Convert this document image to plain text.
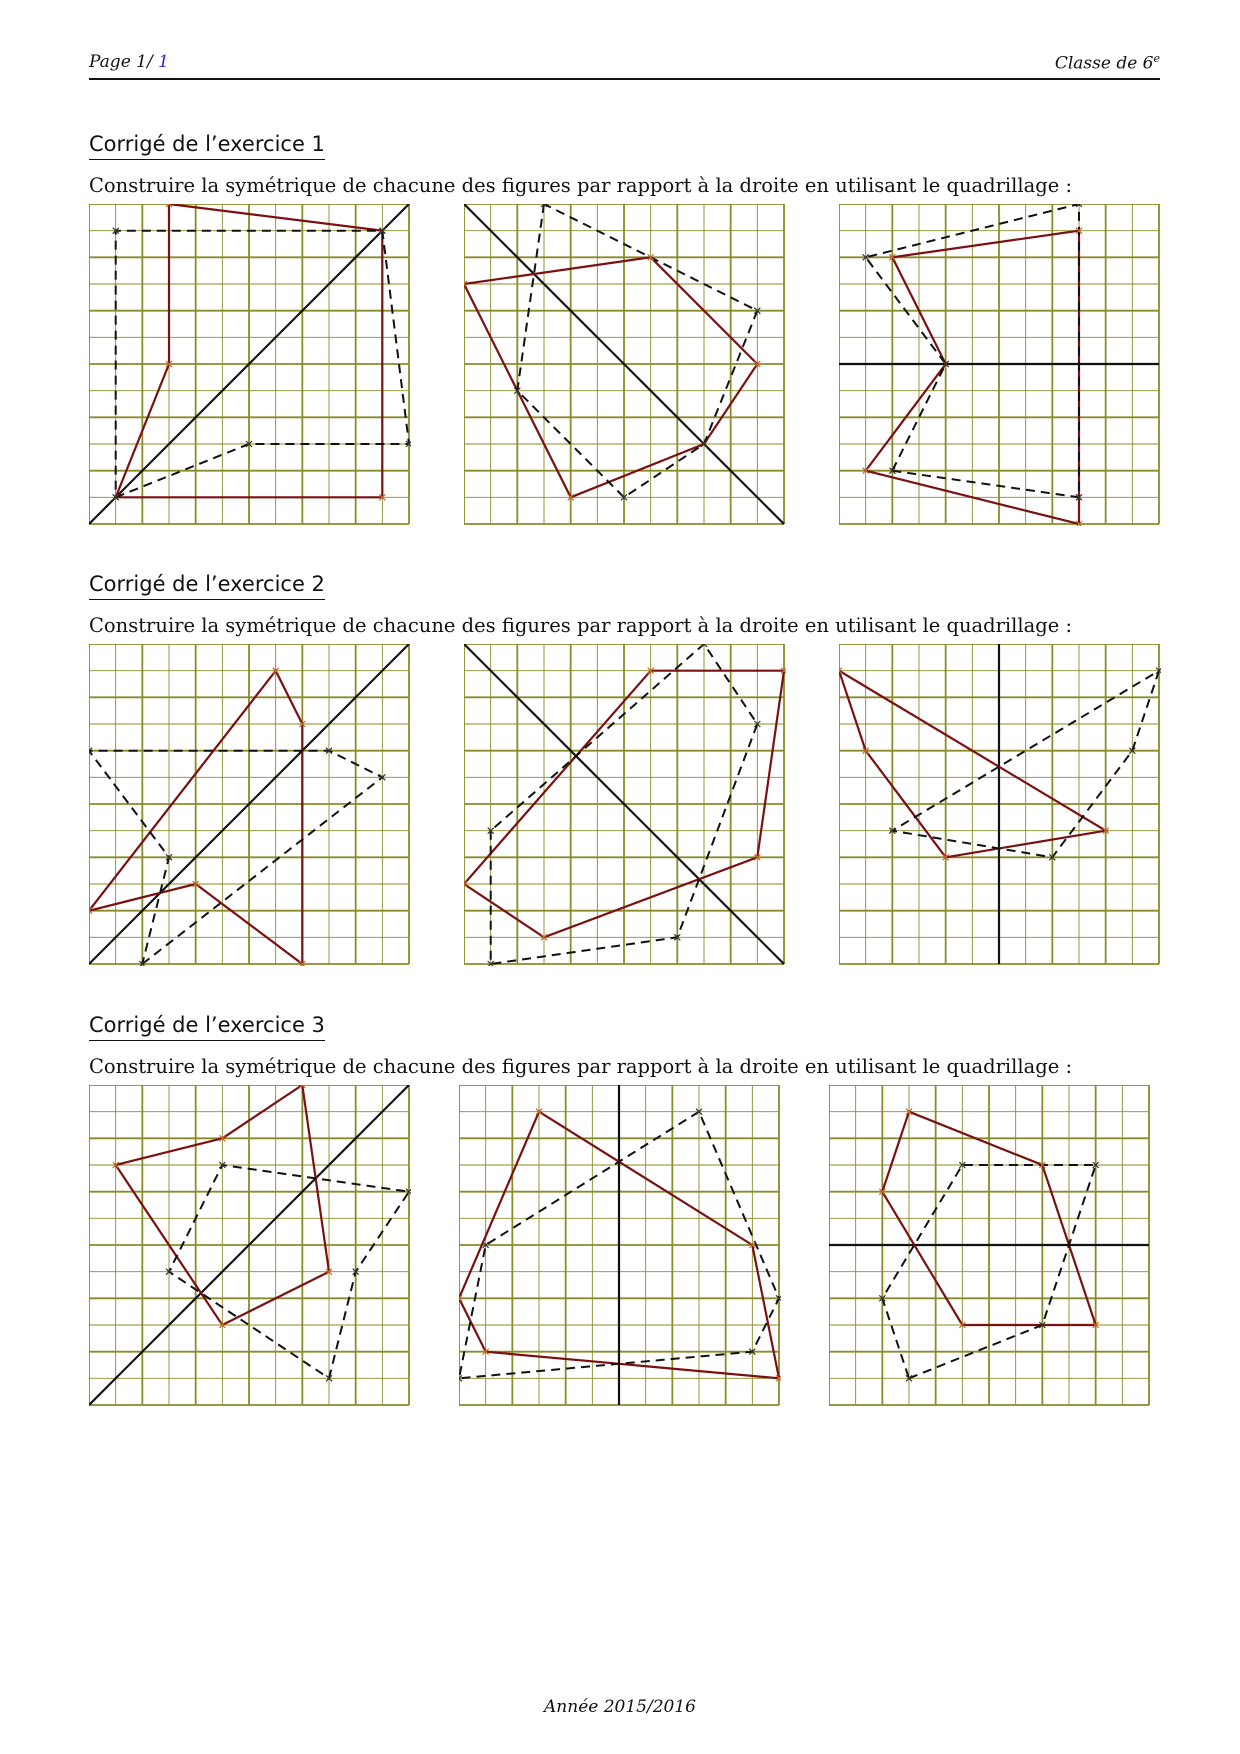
Page 1/ 1	Classe de 6e
Corrigé de l’exercice 1
Construire la symétrique de chacune des figures par rapport à la droite en utilisant le quadrillage :
Corrigé de l’exercice 2
Construire la symétrique de chacune des figures par rapport à la droite en utilisant le quadrillage :
Corrigé de l’exercice 3
Construire la symétrique de chacune des figures par rapport à la droite en utilisant le quadrillage :
Année 2015/2016
